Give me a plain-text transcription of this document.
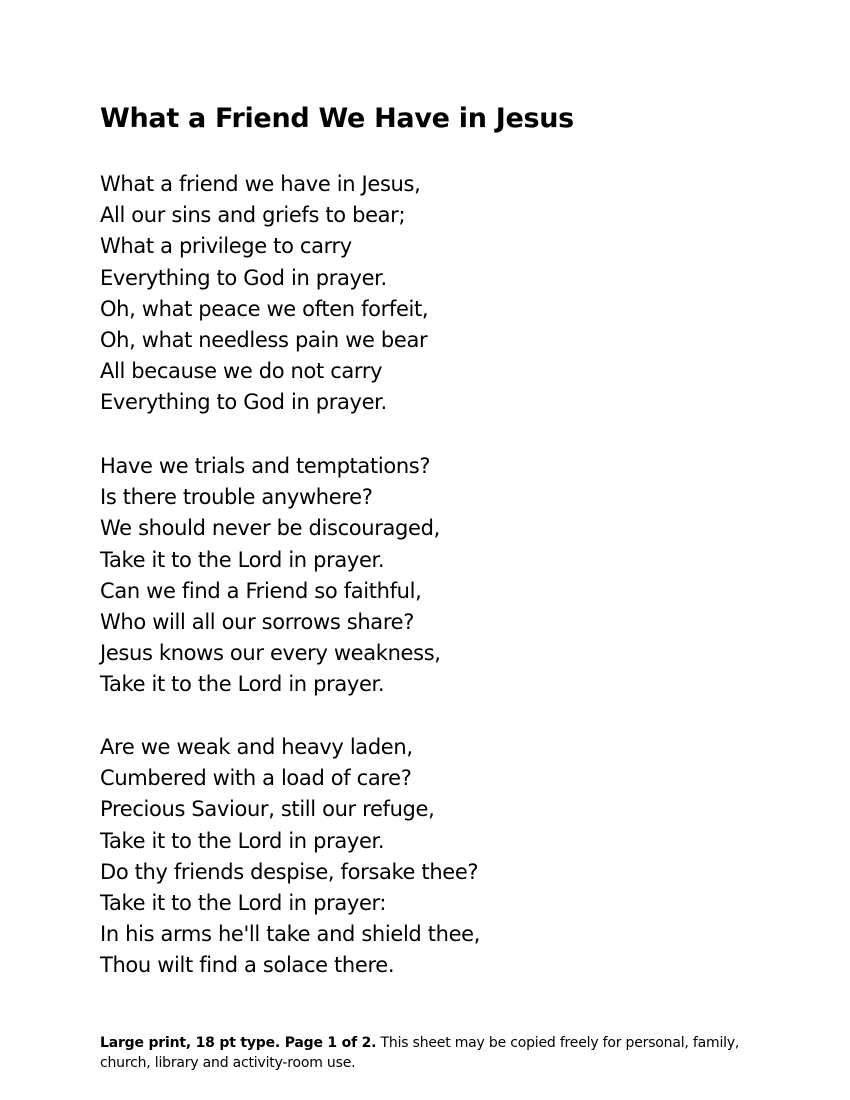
What a Friend We Have in Jesus
What a friend we have in Jesus,
All our sins and griefs to bear;
What a privilege to carry
Everything to God in prayer.
Oh, what peace we often forfeit,
Oh, what needless pain we bear
All because we do not carry
Everything to God in prayer.
Have we trials and temptations?
Is there trouble anywhere?
We should never be discouraged,
Take it to the Lord in prayer.
Can we find a Friend so faithful,
Who will all our sorrows share?
Jesus knows our every weakness,
Take it to the Lord in prayer.
Are we weak and heavy laden,
Cumbered with a load of care?
Precious Saviour, still our refuge,
Take it to the Lord in prayer.
Do thy friends despise, forsake thee?
Take it to the Lord in prayer:
In his arms he'll take and shield thee,
Thou wilt find a solace there.

Large print, 18 pt type. Page 1 of 2. This sheet may be copied freely for personal, family, church, library and activity-room use.
